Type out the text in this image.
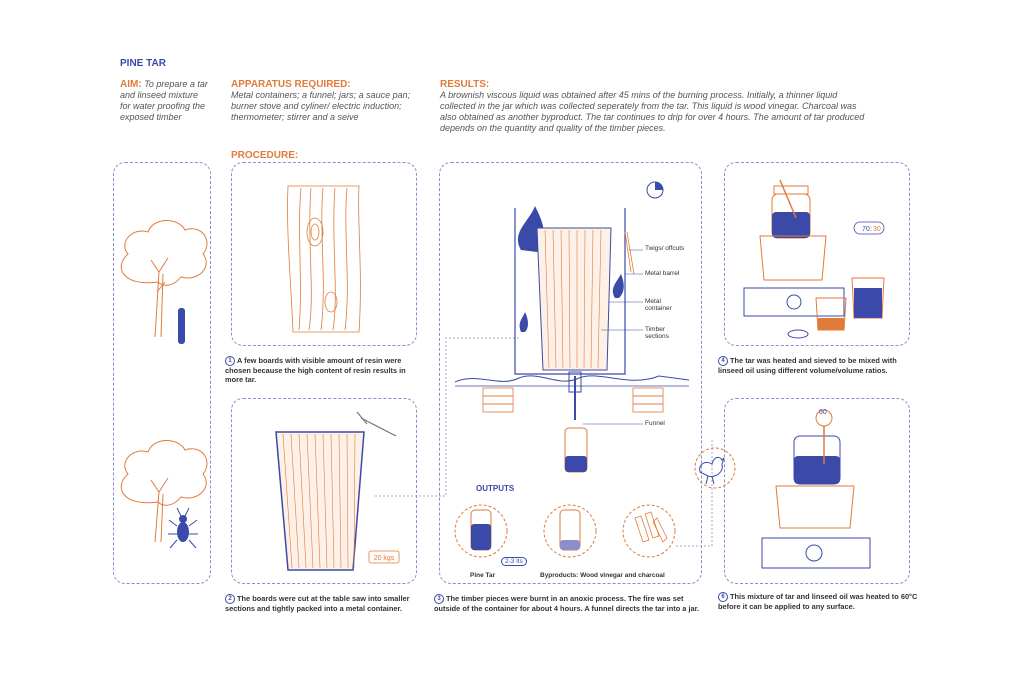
PINE TAR
AIM: To prepare a tar and linseed mixture for water proofing the exposed timber
APPARATUS REQUIRED:
Metal containers; a funnel; jars; a sauce pan; burner stove and cyliner/ electric induction; thermometer; stirrer and a seive
RESULTS:
A brownish viscous liquid was obtained after 45 mins of the burning process. Initially, a thinner liquid collected in the jar which was collected seperately from the tar. This liquid is wood vinegar. Charcoal was also obtained as another byproduct. The tar continues to drip for over 4 hours. The amount of tar produced depends on the quantity and quality of the timber pieces.
PROCEDURE:
1 A few boards with visible amount of resin were chosen because the high content of resin results in more tar.
20 kgs
2 The boards were cut at the table saw into smaller sections and tightly packed into a metal container.
Twigs/ offcuts
Metal barrel
Metal container
Timber sections
Funnel
OUTPUTS
Pine Tar
2-3 lts
Byproducts: Wood vinegar and charcoal
3 The timber pieces were burnt in an anoxic process. The fire was set outside of the container for about 4 hours. A funnel directs the tar into a jar.
70 : 30
4 The tar was heated and sieved to be mixed with linseed oil using different volume/volume ratios.
60
6 This mixture of tar and linseed oil was heated to 60°C before it can be applied to any surface.
